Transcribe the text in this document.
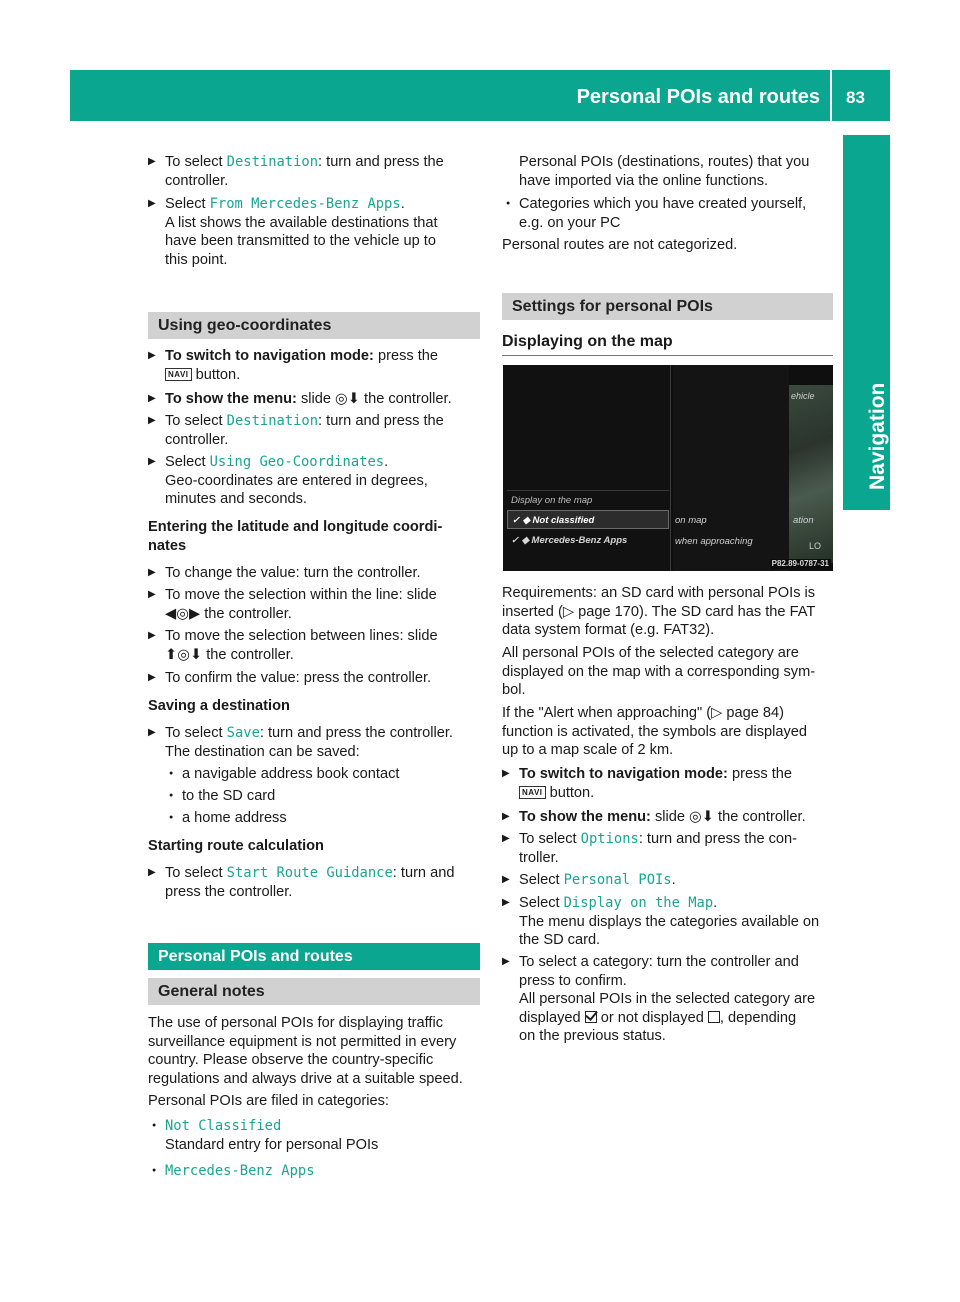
Personal POIs and routes 83
Navigation
▶ To select Destination: turn and press the
controller.
▶ Select From Mercedes-Benz Apps.
A list shows the available destinations that
have been transmitted to the vehicle up to
this point.
Using geo-coordinates
▶ To switch to navigation mode: press the
NAVI button.
▶ To show the menu: slide ◎⬇ the controller.
▶ To select Destination: turn and press the
controller.
▶ Select Using Geo-Coordinates.
Geo-coordinates are entered in degrees,
minutes and seconds.
Entering the latitude and longitude coordi-
nates
▶ To change the value: turn the controller.
▶ To move the selection within the line: slide
◀◎▶ the controller.
▶ To move the selection between lines: slide
⬆◎⬇ the controller.
▶ To confirm the value: press the controller.
Saving a destination
▶ To select Save: turn and press the controller.
The destination can be saved:
● a navigable address book contact
● to the SD card
● a home address
Starting route calculation
▶ To select Start Route Guidance: turn and
press the controller.
Personal POIs and routes
General notes
The use of personal POIs for displaying traffic
surveillance equipment is not permitted in every
country. Please observe the country-specific
regulations and always drive at a suitable speed.
Personal POIs are filed in categories:
● Not Classified
Standard entry for personal POIs
● Mercedes-Benz Apps
Personal POIs (destinations, routes) that you
have imported via the online functions.
● Categories which you have created yourself,
e.g. on your PC
Personal routes are not categorized.
Settings for personal POIs
Displaying on the map
Requirements: an SD card with personal POIs is
inserted (▷ page 170). The SD card has the FAT
data system format (e.g. FAT32).
All personal POIs of the selected category are
displayed on the map with a corresponding sym-
bol.
If the "Alert when approaching" (▷ page 84)
function is activated, the symbols are displayed
up to a map scale of 2 km.
▶ To switch to navigation mode: press the
NAVI button.
▶ To show the menu: slide ◎⬇ the controller.
▶ To select Options: turn and press the con-
troller.
▶ Select Personal POIs.
▶ Select Display on the Map.
The menu displays the categories available on
the SD card.
▶ To select a category: turn the controller and
press to confirm.
All personal POIs in the selected category are
displayed  or not displayed , depending
on the previous status.
ehicle
ation
LO
Display on the map
✓ ◆ Not classified
✓ ◆ Mercedes-Benz Apps
on map
when approaching
P82.89-0787-31
